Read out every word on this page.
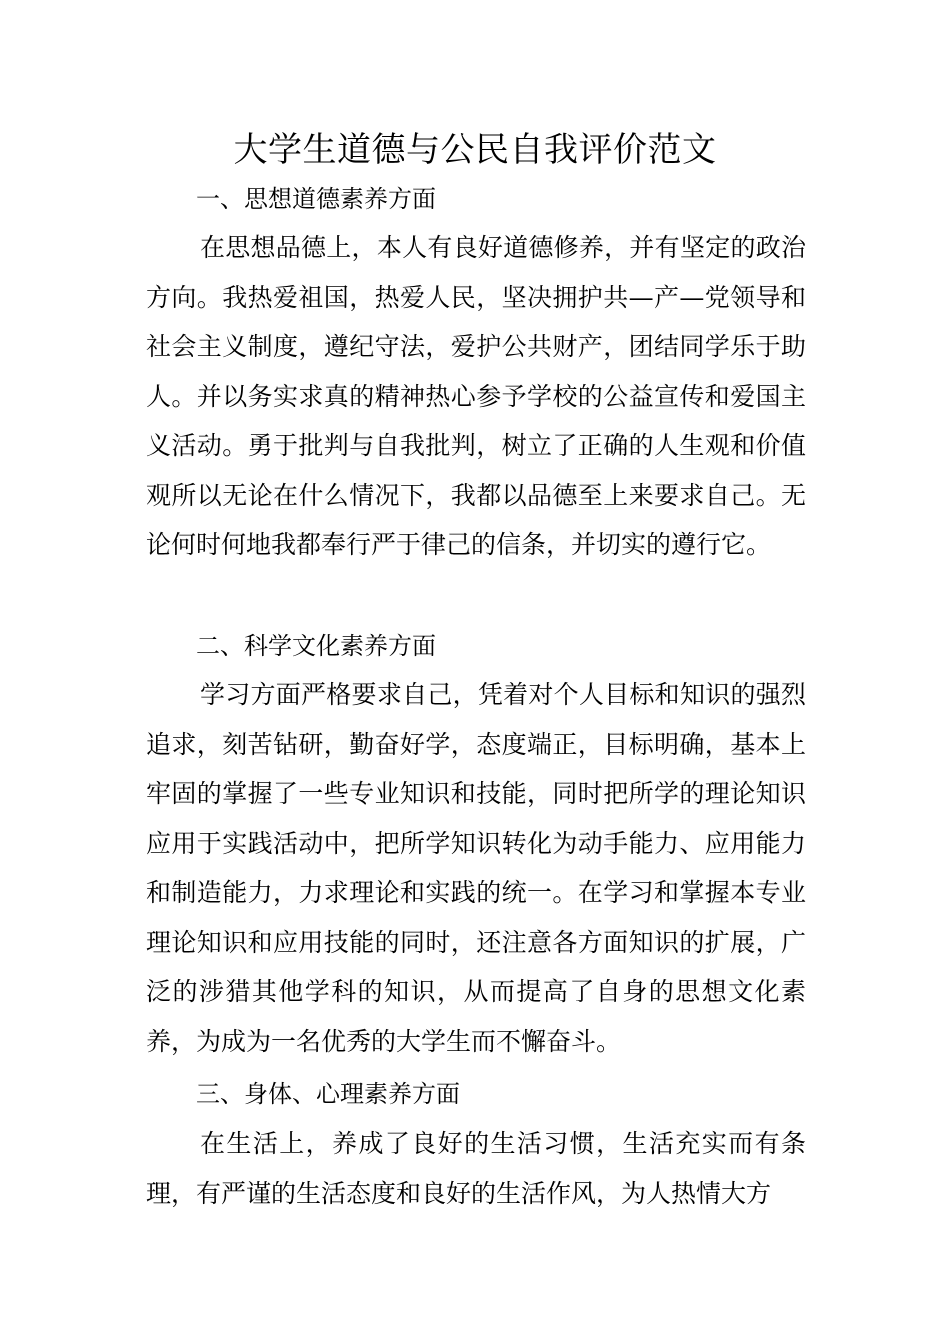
大学生道德与公民自我评价范文

一、思想道德素养方面

在思想品德上，本人有良好道德修养，并有坚定的政治方向。我热爱祖国，热爱人民，坚决拥护共—产—党领导和社会主义制度，遵纪守法，爱护公共财产，团结同学乐于助人。并以务实求真的精神热心参予学校的公益宣传和爱国主义活动。勇于批判与自我批判，树立了正确的人生观和价值观所以无论在什么情况下，我都以品德至上来要求自己。无论何时何地我都奉行严于律己的信条，并切实的遵行它。

二、科学文化素养方面

学习方面严格要求自己，凭着对个人目标和知识的强烈追求，刻苦钻研，勤奋好学，态度端正，目标明确，基本上牢固的掌握了一些专业知识和技能，同时把所学的理论知识应用于实践活动中，把所学知识转化为动手能力、应用能力和制造能力，力求理论和实践的统一。在学习和掌握本专业理论知识和应用技能的同时，还注意各方面知识的扩展，广泛的涉猎其他学科的知识，从而提高了自身的思想文化素养，为成为一名优秀的大学生而不懈奋斗。

三、身体、心理素养方面

在生活上，养成了良好的生活习惯，生活充实而有条理，有严谨的生活态度和良好的生活作风，为人热情大方
